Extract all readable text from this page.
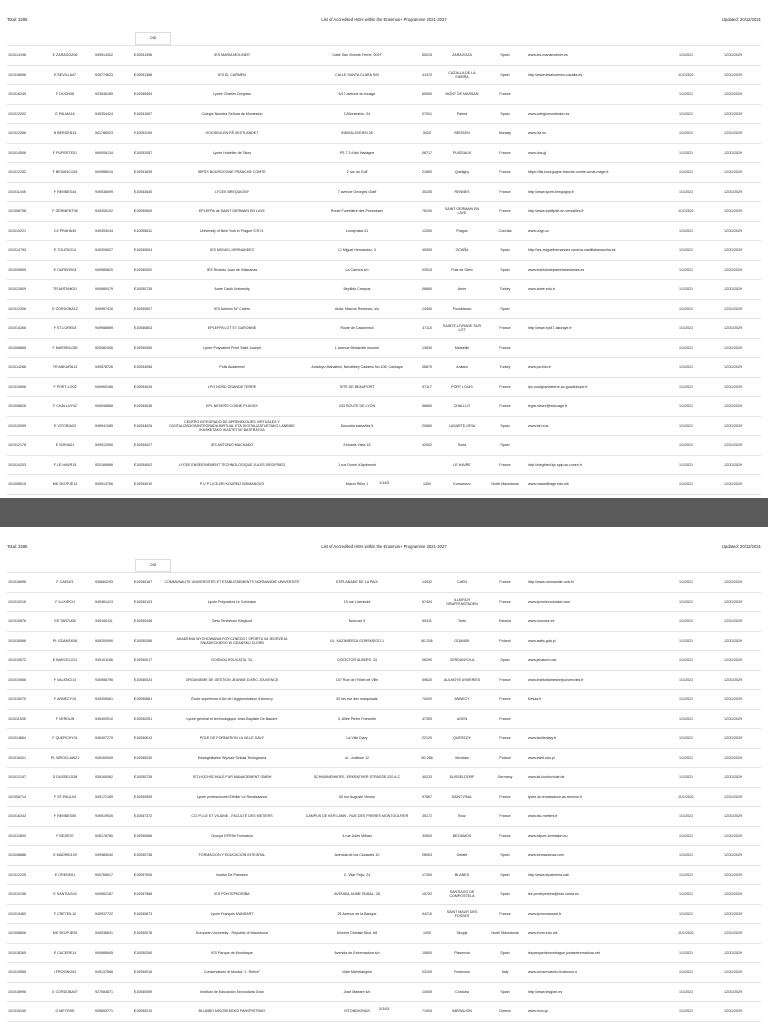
Total: 3285	List of Accredited HEIs within the Erasmus+ Programme 2021-2027	Updated: 20/12/2021
OID
101014196	E ZARAGOZ06	949514402	E10051396	IES MARIA MOLINER	Calle San Vicente Ferrer, 0097	50015	ZARAGOZA	Spain	www.ies-mariamoliner.es	1/1/2021	12/31/2029
101018656	E SEVILLA47	949774623	E10051388	IES EL CARMEN	CALLE SANTA CLARA S/N	41370	CAZALLA DE LA SIERRA	Spain	http://www.iesalcarmen-cazalla.es	11/1/2021	12/31/2029
101016245	F DIJON08	923546185	E10055494	Lycée Charles Dregnau	6/17 avenue du touage	69900	MONT DE MARSAN	France		1/1/2021	12/31/2029
101012202	E PALMA16	949354424	E10051067	Colegio Nuestra Señora de Montesión	C/Montesión, 24	07001	Palma	Spain	www.colegiomontesion.es	1/1/2021	12/31/2029
101012266	N BERGEN14	941786923	E10051199	HOGSKULEN PÅ VESTLANDET	INNDALSVEIEN 28	5020	BERGEN	Norway	www.hvl.no	1/1/2021	12/31/2029
101014506	F PUPERTE01	949006134	E10052057	Lycée Hubelier de Talon	PS 7 3 d'del Hadagne	08717	PUISSAUX	France	www.dos.gl	1/1/2021	12/31/2029
101012252	F BESANCO26	949988019	E10051639	IBPSS BOURGOGNE FRANCHE COMTE	2 rue du Golf	21800	Quetigny	France	https://ifsi-bourgogne-franche-comte.ccnat-mage.fr	1/1/2021	12/31/2029
101011445	F RENNES44	949536599	E10053640	LYCEE BREQUIGNY	7 avenue Georges Graff	35205	RENNES	France	http://www.lycee-brequigny.fr	1/1/2021	12/31/2029
101008798	F GERMENT08	949305102	E10050609	EPLEFPA de SAINT GERMAIN EN LAYE	Route Forestière des Princesses	78100	SAINT GERMAIN EN LAYE	France	http://www.epldfpsb-en-versailles.fr	11/1/2021	12/31/2029
101010221	CZ PRAHA49	949305244	E10055611	University of New York in Prague S.R.O.	Londynska 41	12000	Prague	Czechia	www.unyp.cz	1/1/2021	12/31/2029
101014793	E TOLEDO14	949306527	E10050604	IES MIGUEL HERNANDEZ	C/ Miguel Hernandez, 3	45300	OCAÑA	Spain	http://ies-miguelhernandez.centros.castillalamancha.es	1/1/2021	12/31/2029
101009655	E OURENS04	949985620	E10050002	IES Ricardo Juan de Villacanas	La Carrera s/n	03515	Pola de Siero	Spain	www.institutodeparredelaslamas.es	1/1/2021	12/31/2029
101012809	TR ANTANK01	949980479	E10050735	Antre Cacik University	Beyliktir Campus	08660	Antre	Turkey	www.antre.edu.tr	1/1/2021	12/31/2029
101012306	E CORDOBA12	949987416	E10050607	IES Antonio M° Calero	Avda. Marcos Redondo, s/n	14400	Pozoblanco	Spain		1/1/2021	12/31/2029
101014266	F ST-LORE03	949988689	E10050803	EPLEFPA LOT ET GARONNE	Route de Casseneuil	47110	SAINTE-LIVRADE SUR LOT	France	http://www.epl47-tatoraye.fr	1/1/2021	12/31/2029
101008666	F MARSEIL055	920082006	E10050050	Lycée Polyvalent Privé Saint Joseph	1 avenue Belasmile mourier	13630	Marseille	France		1/1/2021	12/31/2029
101014266	TR ANKARA13	949578726	E10054056	Polis Akademisi	Anadoyu Mahallesi, Necatibey Caddesi No:108, Cankaya	06870	Ankara	Turkey	www.pa.edu.tr	1/1/2021	12/31/2029
101010806	F PORT-LO02	949960166	E10054026	LPO NORD GRANDE TERRE	SITE DE BEAUPORT	97117	PORT LOUIS	France	lpo-nordgrandeterre.ac-guadeloupe.fr	1/1/2021	12/31/2029
101008626	F CHALLUY02	949948868	E10054036	EPL NEVERS COSNE PLAGNY	243 ROUTE DE LYON	58660	CHALLUY	France	legta.nievre@educagri.fr	1/1/2021	12/31/2029
101010999	E VITORIA03	949941085	E10054026	CENTRO INTEGRADO DE APRENDIZAJES VIRTUALES Y DIGITALIZADOS/INTEGRADA BIRTUAL ETA DIGITALIZATUETAKO LANBIDE IKASKETAKO IKASTETXE BATERATUA	Donostia kalea/bia 5	20660	LASARTE-ORIA	Spain	www.birt.eus	1/1/2021	12/31/2029
101012178	E SORIA01	949912006	E10054027	IES ANTONIO MACHADO	Estuaris Vista 15	42002	Soria	Spain		1/1/2021	12/31/2029
101014203	F LE-HAVR15	920189666	E10054002	LYCEE ENSEIGNEMENT TECHNOLOGIQUE JULES SIEGFRIED	1 rue Dumé d'Apiémont		LE HAVRE	France	http://siegfried.lyc.spip.ac-rouen.fr	1/1/2021	12/31/2029
101008016	MK SKOPJE13	949913766	E10054010	P U P LICEJ/RI KOUREIZ BISMANOVO	Macor Rilior 1	1300	Kumanovo	North Macedonia	www.macedfilage.edu.mk	1/1/2021	12/31/2029

1/163
Total: 3285	List of Accredited HEIs within the Erasmus+ Programme 2021-2027	Updated: 20/12/2021
OID
101016896	F CAEN21	936663293	E10050167	COMMUNAUTE UNIVERSITES ET ETABLISSEMENTS NORMANDIE UNIVERSITE	ESPLANADE DE LA PAIX	14032	CAEN	France	http://www.normandie-univ.fr/	1/1/2021	12/31/2029
101010216	F ILLKIRCH	949361413	E10050133	Lycée Polyvalent Le Corbusier	15 rue Lixenbuhl	67404	ILLKIRCH GRAFFENSTADEN	France	www.lyceelecorbusier.com	1/1/2021	12/31/2029
101010876	EE TARTU06	949160111	E10050436	Tartu Tervishoiu Kõrgkool	Nooruse 5	50411	Tartu	Estonia	www.nooruse.ee	1/1/2021	12/31/2029
101016566	PL GDANSK06	949300990	E10050289	AKADEMIA WYCHOWANIA FIZYCZNEGO I SPORTU IM JEDRZEJA SNIADECKIEGO W GDANSKU CLERB	UL. KAZIMIERZA GORSKIEGO 1	80-336	GDANSK	Poland	www.awfis.gda.pl	1/1/2021	12/31/2029
101010672	E BARCELO11	949101166	E10050017	DOSNOU EDUCATIU, SL	C/DOCTOR ALBERS, 33	08290	CERDANYOLA	Spain	www.jehakero.cat	1/1/2021	12/31/2029
101010656	F VALENCI14	930988796	E10050024	ORGANISME DE GESTION JEANNE D'ARC JOUVENCE	107 Rue de l'Hôtel de Ville	59620	AULNOYE AYMERIES	France	www.institutlaimesbrejouvenciles.fr	1/1/2021	12/31/2029
101015070	F ANNECY15	949306561	E10050681	École supérieure d'Art de l'Agglomération d'Annecy	52 bis rue des marquisats	74000	ANNECY	France	Eesaa.fr	1/1/2021	12/31/2029
101011535	F VERDUN	949400910	E10050251	Lycée général et technologique Jean-Baptiste De Baudre	3, Allée Pierre Francelle	47300	AGEN	France		1/1/2021	12/31/2029
101014664	F QUERCHY01	949407279	E10050612	POLE DE FORMATION LA VILLE DAVY	La Ville Davy	22120	QUESSOY	France	www.lavilledavy.fr	1/1/2021	12/31/2029
101016401	PL WROCLAW21	949160549	E10050030	Ewangelikalne Wyższe Szkoła Teologiczna	ul.. Jodlowe 12	50-268	Wroclaw	Poland	www.ewst.edu.pl	1/1/2021	12/31/2029
101012147	D DUSSELD38	939160062	E10050728	IST-HOCHSCHULE FUR MANAGEMENT GMBH	SCHWANENHOFE, ERKRATHER STRASSE 220 A-C	40233	DUSSELDORF	Germany	www.ist-hochschule.de	1/1/2021	12/31/2029
101008714	F ST-PAUL04	949172189	E10050599	Lycée professionnel Ethilier Le Renaissance	63 rue Auguste Vinson	97867	SAINT PAUL	France	lycee-la-renaissance.ac-reunion.fr	11/1/2021	12/31/2029
101016243	F RENNES50	949519926	E10057372	CCI P.LLE ET VILAINE - FACULTE DES METIERS	CAMPUS DE KER LANN - RUE DES FRERES MONTGOLFIER	35172	Bruz	France	www.fac-metiers.fr	1/1/2021	12/31/2029
101012800	F BEZIE07	926178780	E10050666	Groupe EPRIM Formation	4 rue Jules Milhau	34500	BEZIAMOS	France	www.eliport-formation.eu	1/1/2021	12/31/2029
101008886	E MADRID109	949985040	E10050738	FORMACION Y EDUCACION INTEGRAL	Avenida de los Ciudades 10	28903	Getafe	Spain	www.formacionsa.com	1/1/2021	12/31/2029
101012225	E ORENS01	940765617	E10057006	Institut De Palmeira	C. Vilar Feijo, 24	17300	BLANES	Spain	http://www.iepalmeira.cat/	1/1/2021	12/31/2029
101010156	E SANTIAG04	949962187	E10057988	IES PONTEPEDRIÑA	AVENIDA JAIME RUBAL, 28	15702	SANTIAGO DE COMPOSTELA	Spain	ies.pontepedrina@edu.xunta.es	1/1/2021	12/31/2029
101019460	F CRETEIL10	949937722	E10050873	Lycée François MANSART	25 Avenue de la Banque	94210	SAINT MAUR DES FOSSES	France	www.lyceemansart.fr	1/1/2021	12/31/2029
101008606	MK SKOPJE05	949038631	E10050078	European University - Republic of Macedonia	Kliment Ohridski Blvd. 68	1000	Skopje	North Macedonia	www.eurm.edu.mk	11/1/2021	12/31/2029
101018265	E CACERE14	949989645	E10050260	IES Parque de Monfraque	Avenida de Extremadura s/n	10600	Plasencia	Spain	iesparquedemonfrague.juntaextremadura.net	1/1/2021	12/31/2029
101010966	I FROSINO04	949137668	E10050016	Conservatorio di Musica "L. Refice"	Viale Michelangelo	03100	Frosinone	Italy	www.conservatorio-frosinone.it	1/1/2021	12/31/2029
101018996	E CORDOBA07	927584871	E10050059	Instituto de Educación Secundaria Gran	José Martaré s/n	14005	Córdoba	Spain	http://www.iesgran.es	1/1/2021	12/31/2029
101015140	G MEYRSE	949653771	E10050010	BLUMBO MISOSENSKO PANSPISTIMIO	ISTONISIONAS	71004	IMERALION	Greece	www.hmu.gr	1/1/2021	12/31/2029

2/163
